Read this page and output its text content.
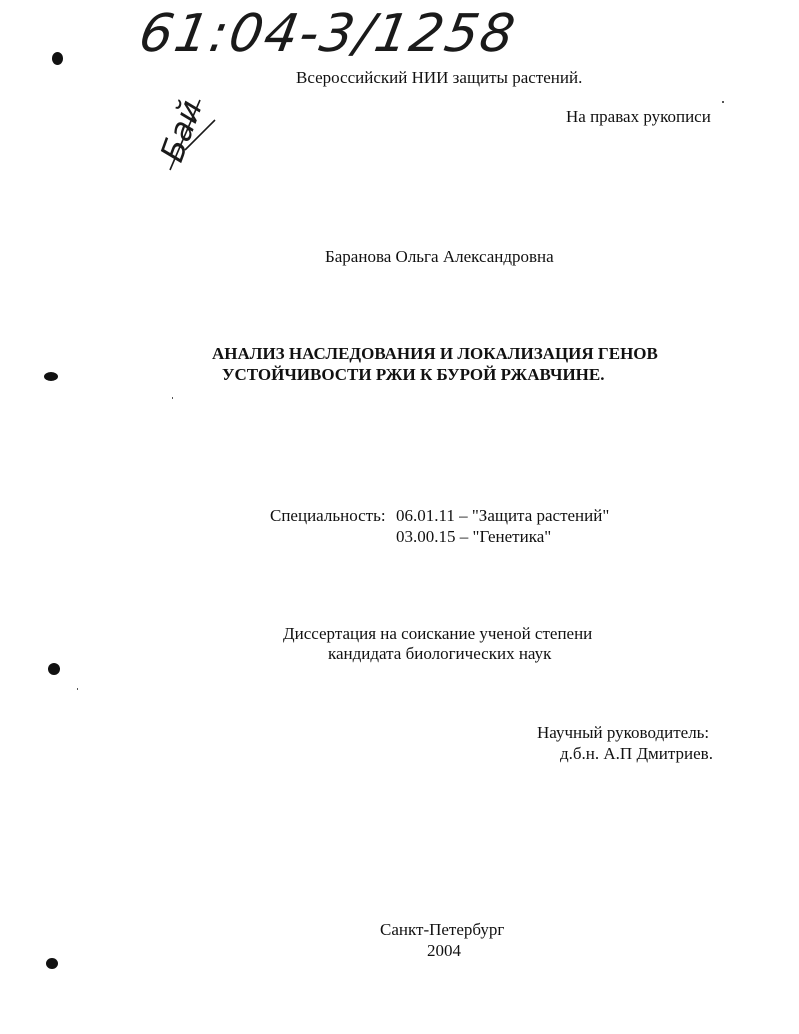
61:04-3/1258
Бай
Всероссийский НИИ защиты растений.
На правах рукописи
Баранова Ольга Александровна
АНАЛИЗ НАСЛЕДОВАНИЯ И ЛОКАЛИЗАЦИЯ ГЕНОВ
УСТОЙЧИВОСТИ РЖИ К БУРОЙ РЖАВЧИНЕ.
Специальность: 06.01.11 – "Защита растений"
03.00.15 – "Генетика"
Диссертация на соискание ученой степени
кандидата биологических наук
Научный руководитель:
д.б.н. А.П Дмитриев.
Санкт-Петербург
2004
